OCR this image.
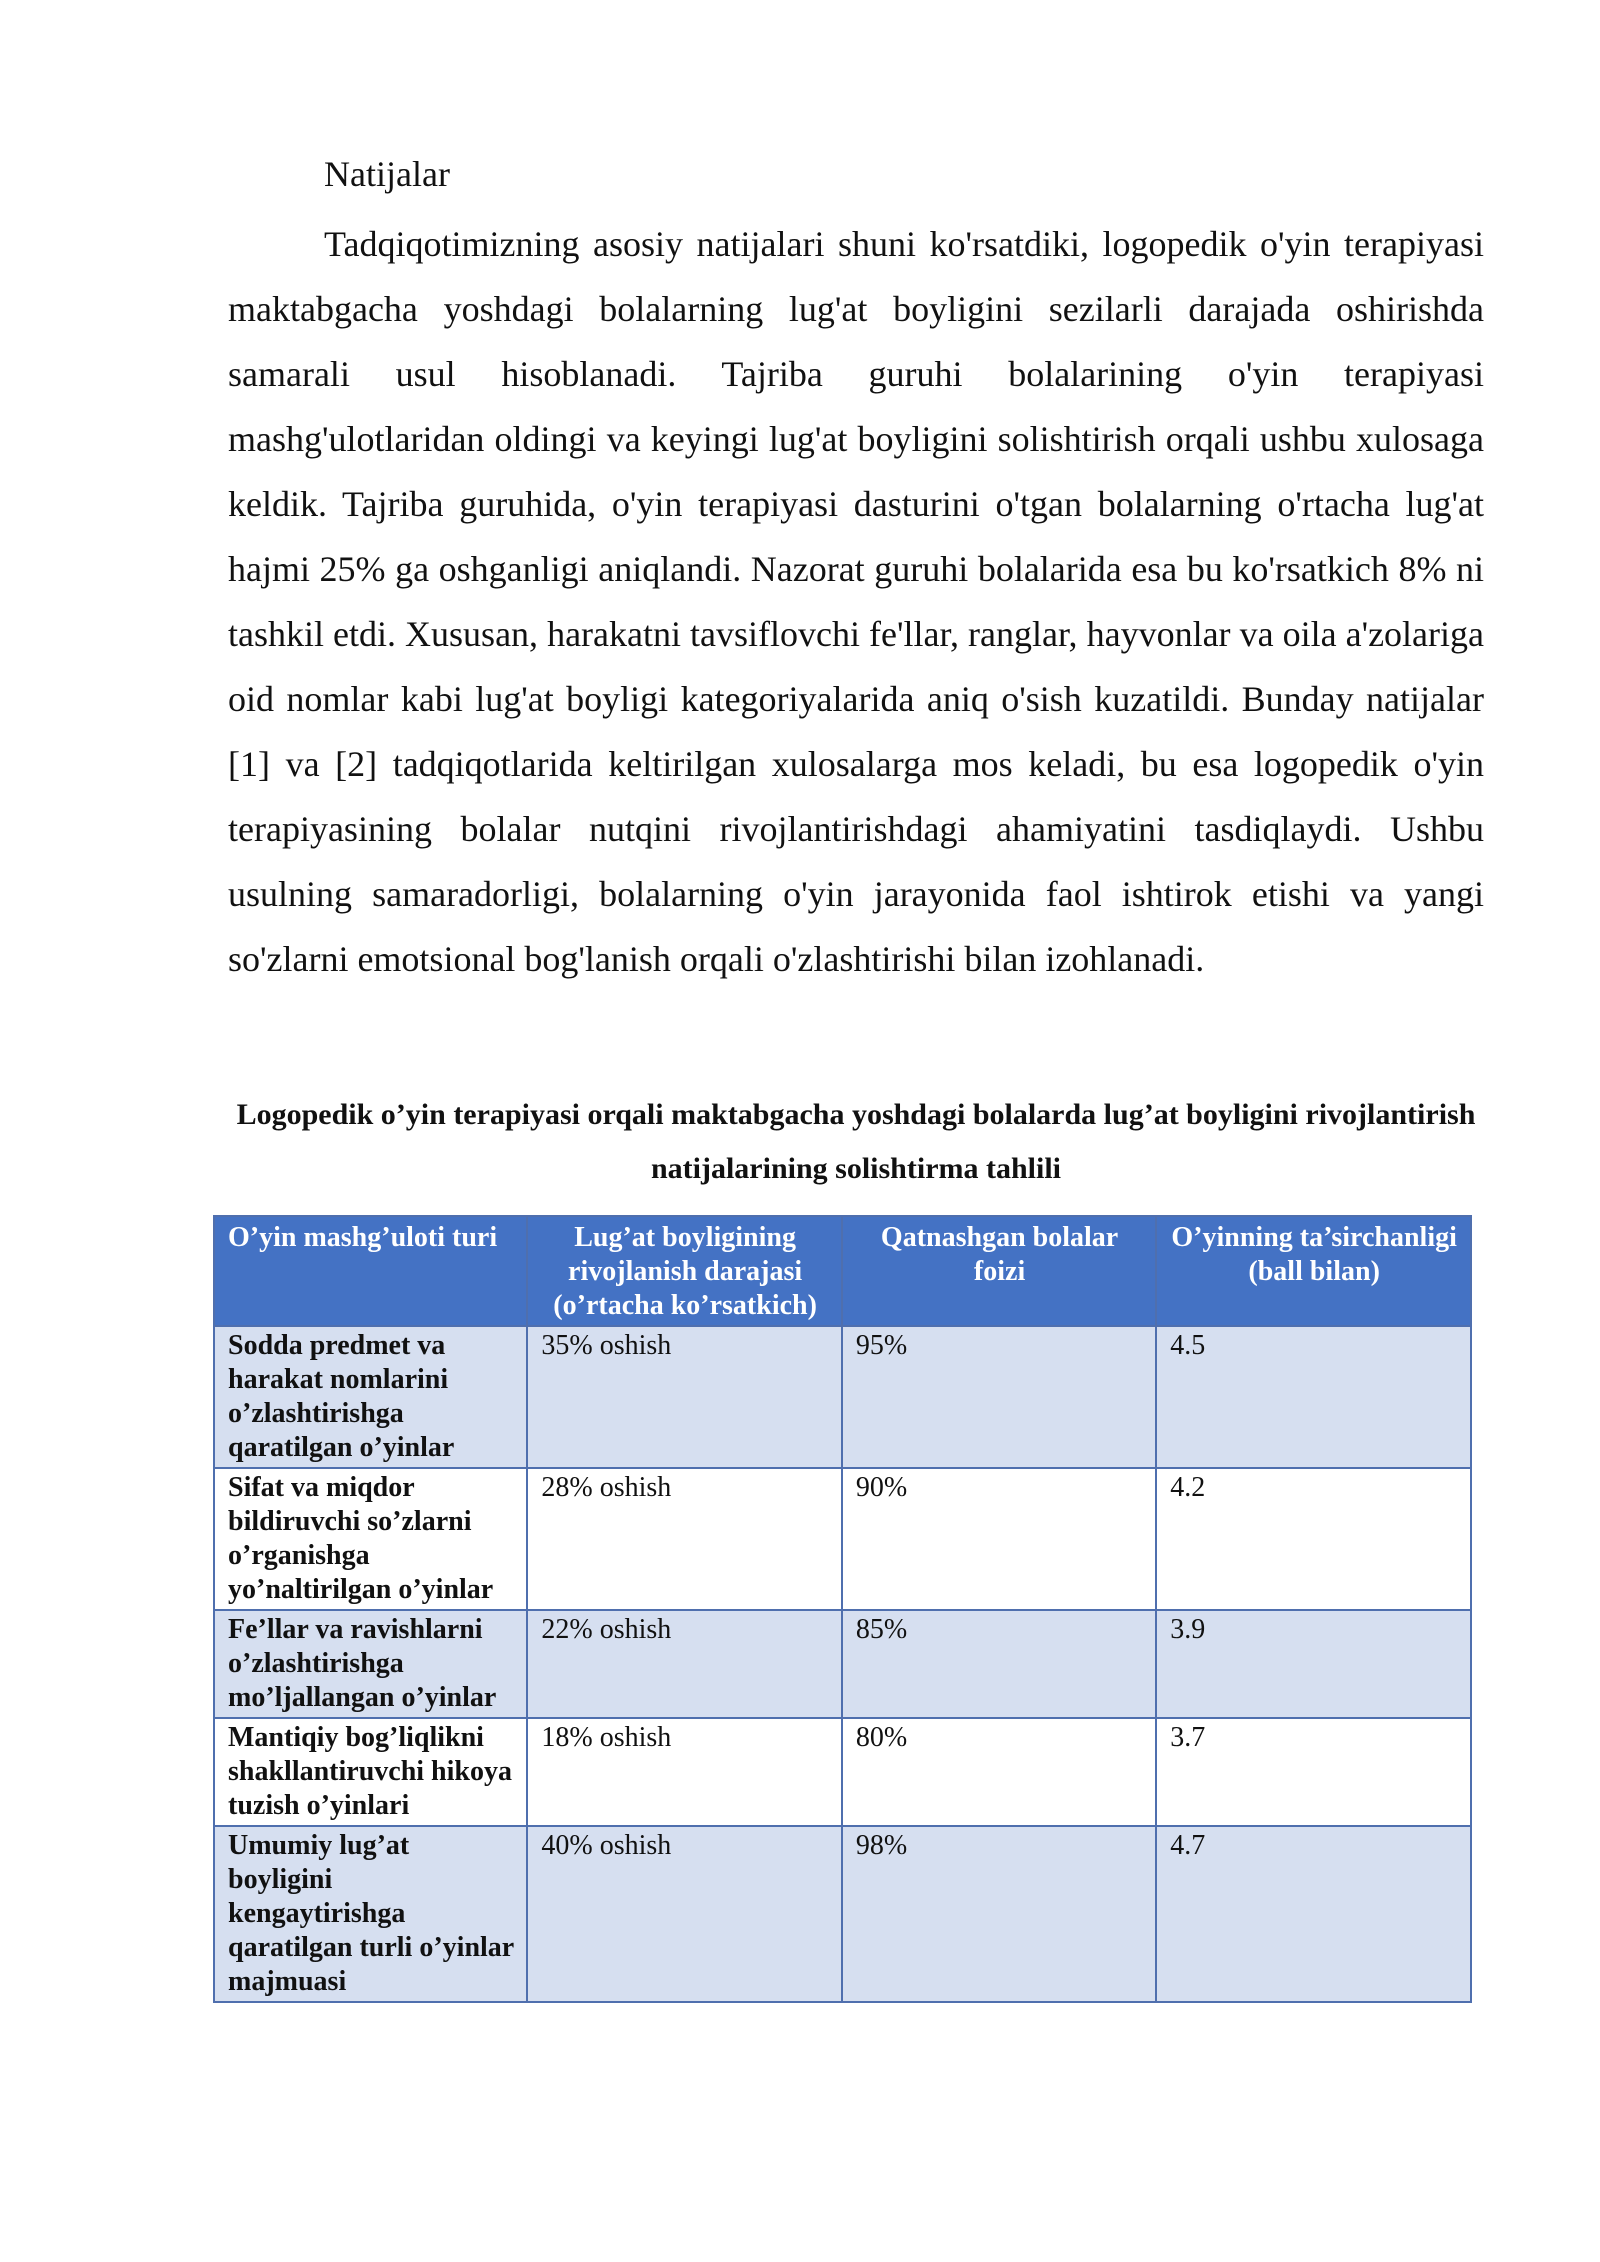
Natijalar

Tadqiqotimizning asosiy natijalari shuni ko'rsatdiki, logopedik o'yin terapiyasi maktabgacha yoshdagi bolalarning lug'at boyligini sezilarli darajada oshirishda samarali usul hisoblanadi. Tajriba guruhi bolalarining o'yin terapiyasi mashg'ulotlaridan oldingi va keyingi lug'at boyligini solishtirish orqali ushbu xulosaga keldik. Tajriba guruhida, o'yin terapiyasi dasturini o'tgan bolalarning o'rtacha lug'at hajmi 25% ga oshganligi aniqlandi. Nazorat guruhi bolalarida esa bu ko'rsatkich 8% ni tashkil etdi. Xususan, harakatni tavsiflovchi fe'llar, ranglar, hayvonlar va oila a'zolariga oid nomlar kabi lug'at boyligi kategoriyalarida aniq o'sish kuzatildi. Bunday natijalar [1] va [2] tadqiqotlarida keltirilgan xulosalarga mos keladi, bu esa logopedik o'yin terapiyasining bolalar nutqini rivojlantirishdagi ahamiyatini tasdiqlaydi. Ushbu usulning samaradorligi, bolalarning o'yin jarayonida faol ishtirok etishi va yangi so'zlarni emotsional bog'lanish orqali o'zlashtirishi bilan izohlanadi.

Logopedik o’yin terapiyasi orqali maktabgacha yoshdagi bolalarda lug’at boyligini rivojlantirish natijalarining solishtirma tahlili

O’yin mashg’uloti turi	Lug’at boyligining rivojlanish darajasi (o’rtacha ko’rsatkich)	Qatnashgan bolalar foizi	O’yinning ta’sirchanligi (ball bilan)
Sodda predmet va harakat nomlarini o’zlashtirishga qaratilgan o’yinlar	35% oshish	95%	4.5
Sifat va miqdor bildiruvchi so’zlarni o’rganishga yo’naltirilgan o’yinlar	28% oshish	90%	4.2
Fe’llar va ravishlarni o’zlashtirishga mo’ljallangan o’yinlar	22% oshish	85%	3.9
Mantiqiy bog’liqlikni shakllantiruvchi hikoya tuzish o’yinlari	18% oshish	80%	3.7
Umumiy lug’at boyligini kengaytirishga qaratilgan turli o’yinlar majmuasi	40% oshish	98%	4.7
